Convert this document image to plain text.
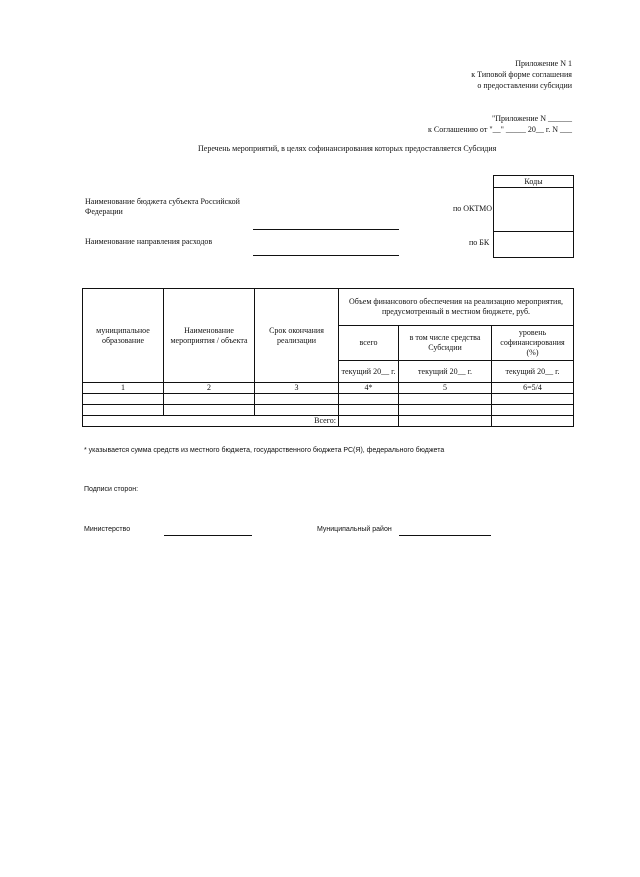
Приложение N 1
к Типовой форме соглашения
о предоставлении субсидии
"Приложение N ______
к Соглашению от "__" _____ 20__ г. N ___
Перечень мероприятий, в целях софинансирования которых предоставляется Субсидия
Коды
Наименование бюджета субъекта Российской Федерации	по ОКТМО
Наименование направления расходов	по БК
муниципальное образование	Наименование мероприятия / объекта	Срок окончания реализации	Объем финансового обеспечения на реализацию мероприятия, предусмотренный в местном бюджете, руб.		
			всего	в том числе средства Субсидии	уровень софинансирования (%)
			текущий 20__ г.	текущий 20__ г.	текущий 20__ г.
1	2	3	4*	5	6=5/4

Всего:					
* указывается сумма средств из местного бюджета, государственного бюджета РС(Я), федерального бюджета
Подписи сторон:
Министерство	Муниципальный район
